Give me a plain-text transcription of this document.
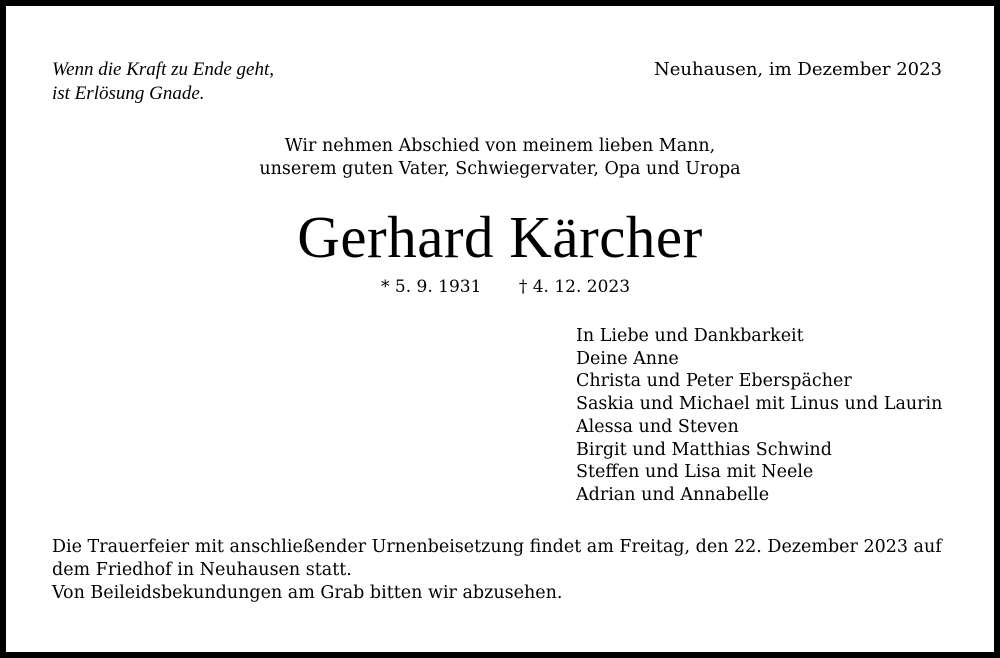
Wenn die Kraft zu Ende geht,
ist Erlösung Gnade.
Neuhausen, im Dezember 2023
Wir nehmen Abschied von meinem lieben Mann,
unserem guten Vater, Schwiegervater, Opa und Uropa
Gerhard Kärcher
* 5. 9. 1931 † 4. 12. 2023
In Liebe und Dankbarkeit
Deine Anne
Christa und Peter Eberspächer
Saskia und Michael mit Linus und Laurin
Alessa und Steven
Birgit und Matthias Schwind
Steffen und Lisa mit Neele
Adrian und Annabelle
Die Trauerfeier mit anschließender Urnenbeisetzung findet am Freitag, den 22. Dezember 2023 auf
dem Friedhof in Neuhausen statt.
Von Beileidsbekundungen am Grab bitten wir abzusehen.
